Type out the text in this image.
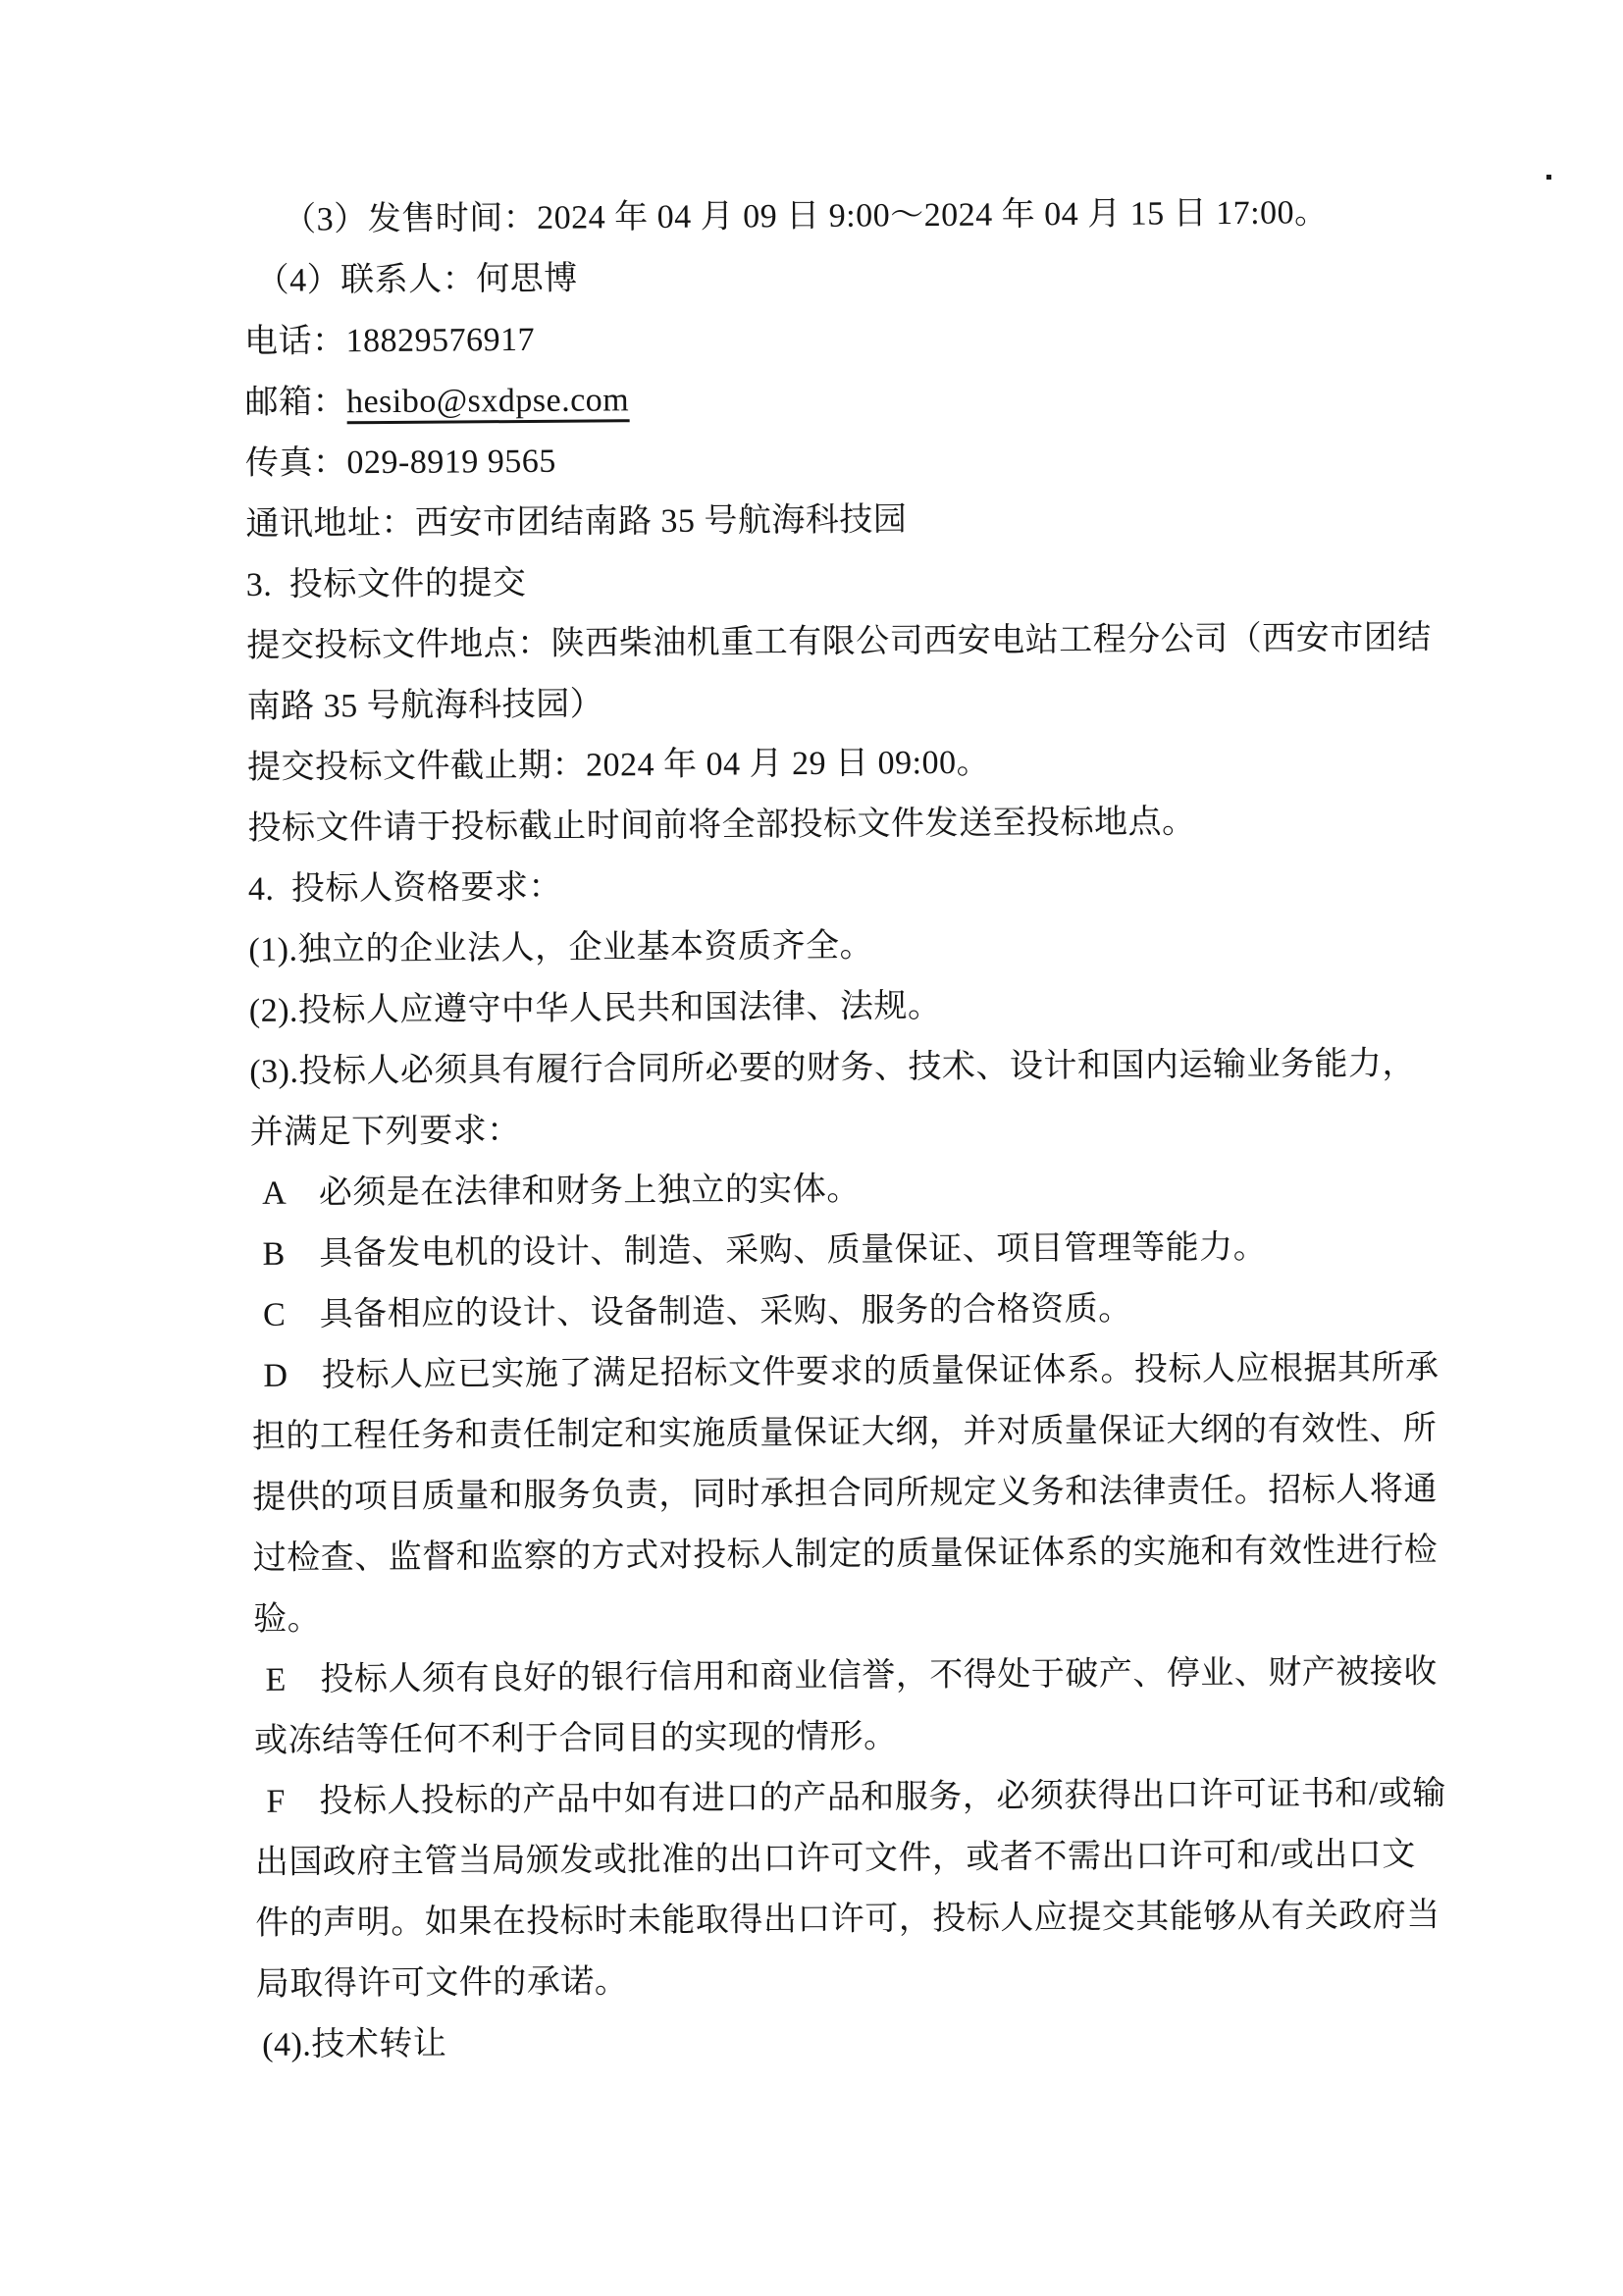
（3）发售时间：2024 年 04 月 09 日 9:00～2024 年 04 月 15 日 17:00。
（4）联系人：何思博
电话：18829576917
邮箱：hesibo@sxdpse.com
传真：029-8919 9565
通讯地址：西安市团结南路 35 号航海科技园
3. 投标文件的提交
提交投标文件地点：陕西柴油机重工有限公司西安电站工程分公司（西安市团结
南路 35 号航海科技园）
提交投标文件截止期：2024 年 04 月 29 日 09:00。
投标文件请于投标截止时间前将全部投标文件发送至投标地点。
4. 投标人资格要求：
(1).独立的企业法人，企业基本资质齐全。
(2).投标人应遵守中华人民共和国法律、法规。
(3).投标人必须具有履行合同所必要的财务、技术、设计和国内运输业务能力，
并满足下列要求：
A　必须是在法律和财务上独立的实体。
B　具备发电机的设计、制造、采购、质量保证、项目管理等能力。
C　具备相应的设计、设备制造、采购、服务的合格资质。
D　投标人应已实施了满足招标文件要求的质量保证体系。投标人应根据其所承
担的工程任务和责任制定和实施质量保证大纲，并对质量保证大纲的有效性、所
提供的项目质量和服务负责，同时承担合同所规定义务和法律责任。招标人将通
过检查、监督和监察的方式对投标人制定的质量保证体系的实施和有效性进行检
验。
E　投标人须有良好的银行信用和商业信誉，不得处于破产、停业、财产被接收
或冻结等任何不利于合同目的实现的情形。
F　投标人投标的产品中如有进口的产品和服务，必须获得出口许可证书和/或输
出国政府主管当局颁发或批准的出口许可文件，或者不需出口许可和/或出口文
件的声明。如果在投标时未能取得出口许可，投标人应提交其能够从有关政府当
局取得许可文件的承诺。
(4).技术转让
